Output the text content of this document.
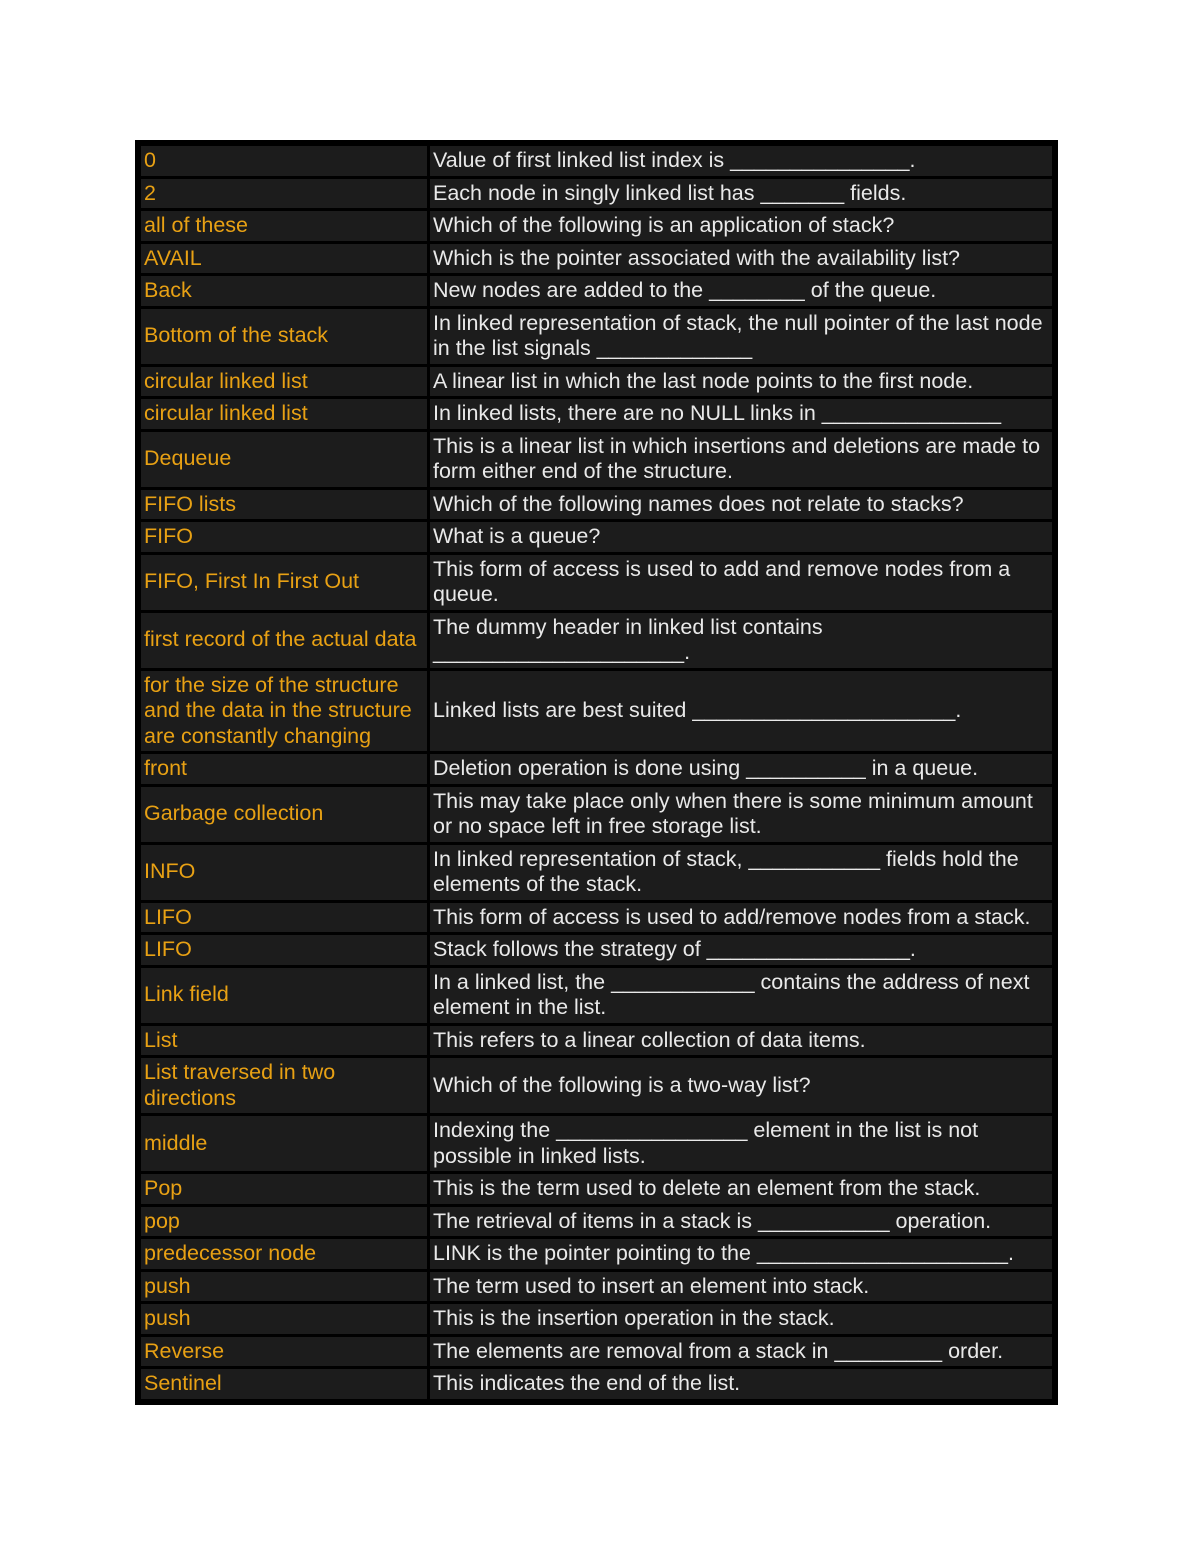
0	Value of first linked list index is _______________.
2	Each node in singly linked list has _______ fields.
all of these	Which of the following is an application of stack?
AVAIL	Which is the pointer associated with the availability list?
Back	New nodes are added to the ________ of the queue.
Bottom of the stack	In linked representation of stack, the null pointer of the last node in the list signals _____________
circular linked list	A linear list in which the last node points to the first node.
circular linked list	In linked lists, there are no NULL links in _______________
Dequeue	This is a linear list in which insertions and deletions are made to form either end of the structure.
FIFO lists	Which of the following names does not relate to stacks?
FIFO	What is a queue?
FIFO, First In First Out	This form of access is used to add and remove nodes from a queue.
first record of the actual data	The dummy header in linked list contains _____________________.
for the size of the structure and the data in the structure are constantly changing	Linked lists are best suited ______________________.
front	Deletion operation is done using __________ in a queue.
Garbage collection	This may take place only when there is some minimum amount or no space left in free storage list.
INFO	In linked representation of stack, ___________ fields hold the elements of the stack.
LIFO	This form of access is used to add/remove nodes from a stack.
LIFO	Stack follows the strategy of _________________.
Link field	In a linked list, the ____________ contains the address of next element in the list.
List	This refers to a linear collection of data items.
List traversed in two directions	Which of the following is a two-way list?
middle	Indexing the ________________ element in the list is not possible in linked lists.
Pop	This is the term used to delete an element from the stack.
pop	The retrieval of items in a stack is ___________ operation.
predecessor node	LINK is the pointer pointing to the _____________________.
push	The term used to insert an element into stack.
push	This is the insertion operation in the stack.
Reverse	The elements are removal from a stack in _________ order.
Sentinel	This indicates the end of the list.
